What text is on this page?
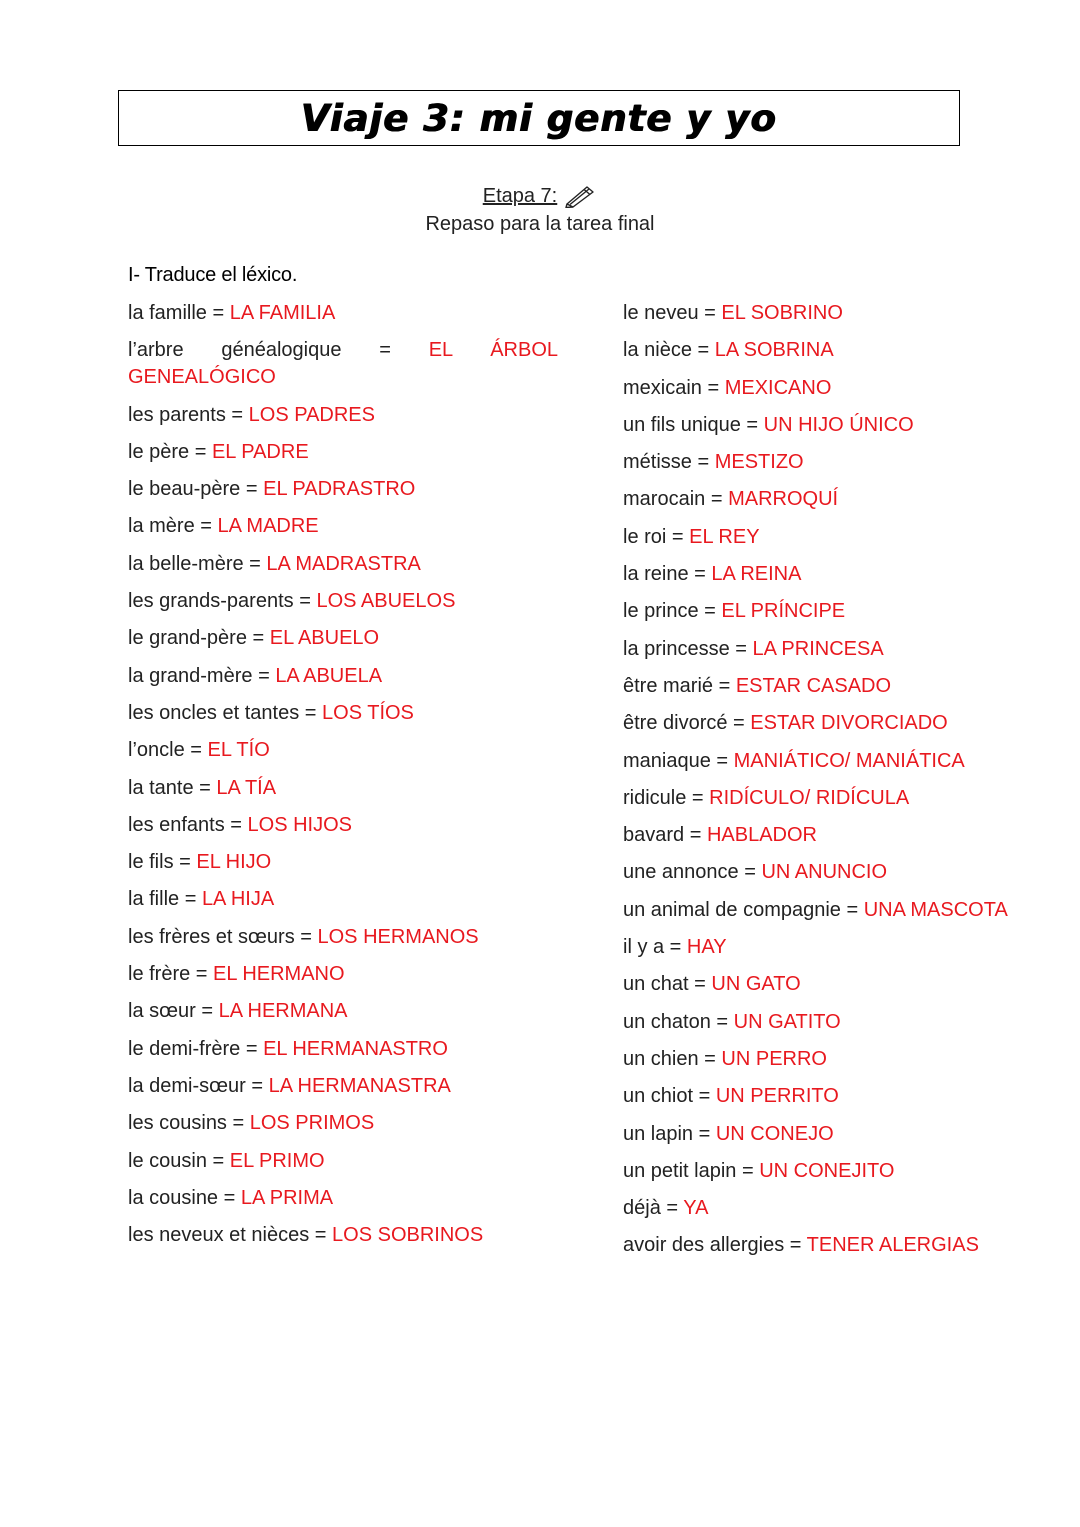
Viaje 3: mi gente y yo
Etapa 7:
Repaso para la tarea final
I- Traduce el léxico.
la famille = LA FAMILIA
l’arbre généalogique = EL ÁRBOL GENEALÓGICO
les parents = LOS PADRES
le père = EL PADRE
le beau-père = EL PADRASTRO
la mère = LA MADRE
la belle-mère = LA MADRASTRA
les grands-parents = LOS ABUELOS
le grand-père = EL ABUELO
la grand-mère = LA ABUELA
les oncles et tantes = LOS TÍOS
l’oncle = EL TÍO
la tante = LA TÍA
les enfants = LOS HIJOS
le fils = EL HIJO
la fille = LA HIJA
les frères et sœurs = LOS HERMANOS
le frère = EL HERMANO
la sœur = LA HERMANA
le demi-frère = EL HERMANASTRO
la demi-sœur = LA HERMANASTRA
les cousins = LOS PRIMOS
le cousin = EL PRIMO
la cousine = LA PRIMA
les neveux et nièces = LOS SOBRINOS
le neveu = EL SOBRINO
la nièce = LA SOBRINA
mexicain = MEXICANO
un fils unique = UN HIJO ÚNICO
métisse = MESTIZO
marocain = MARROQUÍ
le roi = EL REY
la reine = LA REINA
le prince = EL PRÍNCIPE
la princesse = LA PRINCESA
être marié = ESTAR CASADO
être divorcé = ESTAR DIVORCIADO
maniaque = MANIÁTICO/ MANIÁTICA
ridicule = RIDÍCULO/ RIDÍCULA
bavard = HABLADOR
une annonce = UN ANUNCIO
un animal de compagnie = UNA MASCOTA
il y a = HAY
un chat = UN GATO
un chaton = UN GATITO
un chien = UN PERRO
un chiot = UN PERRITO
un lapin = UN CONEJO
un petit lapin = UN CONEJITO
déjà = YA
avoir des allergies = TENER ALERGIAS
